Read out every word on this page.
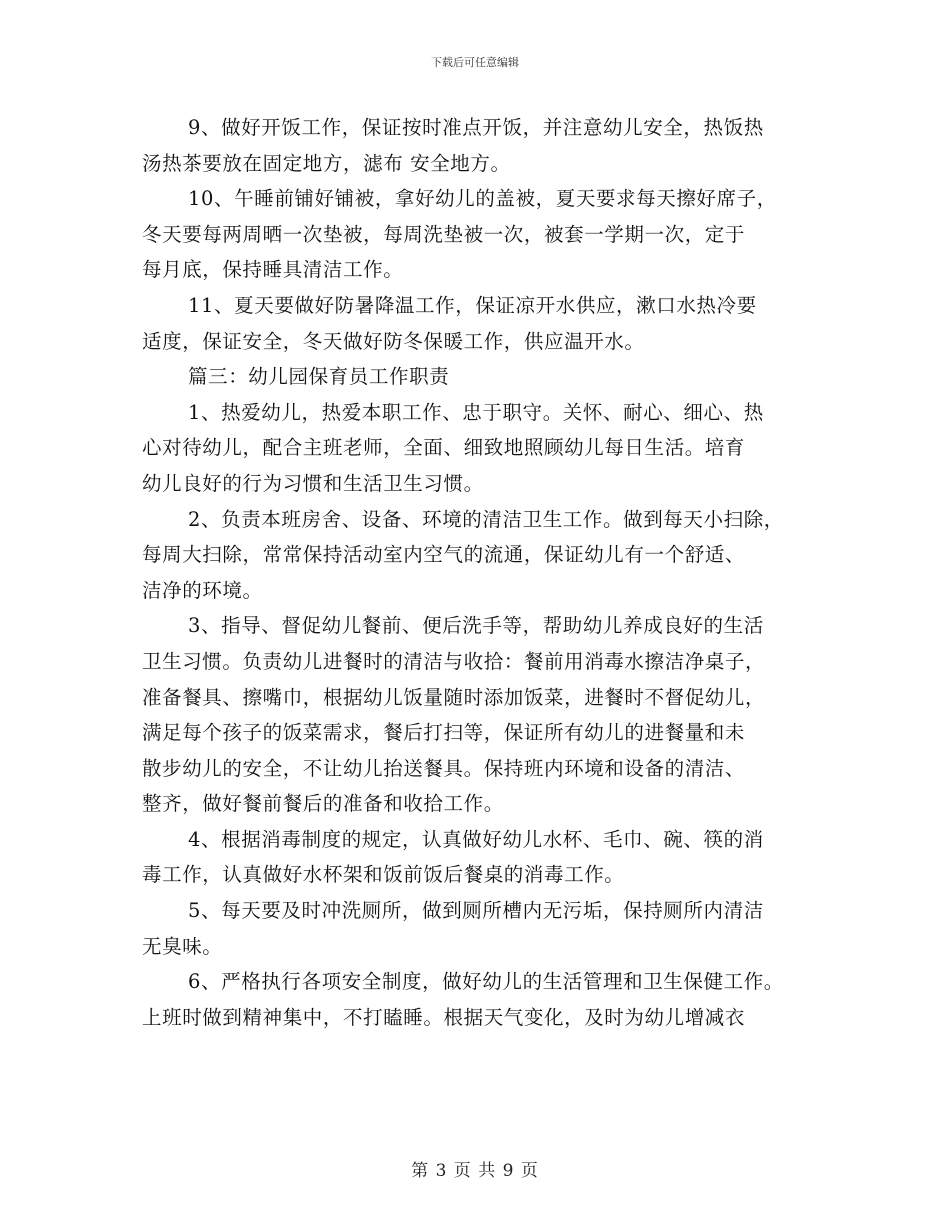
下载后可任意编辑
9、做好开饭工作，保证按时准点开饭，并注意幼儿安全，热饭热
汤热茶要放在固定地方，滤布 安全地方。
10、午睡前铺好铺被，拿好幼儿的盖被，夏天要求每天擦好席子，
冬天要每两周晒一次垫被，每周洗垫被一次，被套一学期一次，定于
每月底，保持睡具清洁工作。
11、夏天要做好防暑降温工作，保证凉开水供应，漱口水热冷要
适度，保证安全，冬天做好防冬保暖工作，供应温开水。
篇三：幼儿园保育员工作职责
1、热爱幼儿，热爱本职工作、忠于职守。关怀、耐心、细心、热
心对待幼儿，配合主班老师，全面、细致地照顾幼儿每日生活。培育
幼儿良好的行为习惯和生活卫生习惯。
2、负责本班房舍、设备、环境的清洁卫生工作。做到每天小扫除，
每周大扫除，常常保持活动室内空气的流通，保证幼儿有一个舒适、
洁净的环境。
3、指导、督促幼儿餐前、便后洗手等，帮助幼儿养成良好的生活
卫生习惯。负责幼儿进餐时的清洁与收拾：餐前用消毒水擦洁净桌子，
准备餐具、擦嘴巾，根据幼儿饭量随时添加饭菜，进餐时不督促幼儿，
满足每个孩子的饭菜需求，餐后打扫等，保证所有幼儿的进餐量和未
散步幼儿的安全，不让幼儿抬送餐具。保持班内环境和设备的清洁、
整齐，做好餐前餐后的准备和收拾工作。
4、根据消毒制度的规定，认真做好幼儿水杯、毛巾、碗、筷的消
毒工作，认真做好水杯架和饭前饭后餐桌的消毒工作。
5、每天要及时冲洗厕所，做到厕所槽内无污垢，保持厕所内清洁
无臭味。
6、严格执行各项安全制度，做好幼儿的生活管理和卫生保健工作。
上班时做到精神集中，不打瞌睡。根据天气变化，及时为幼儿增减衣
第 3 页 共 9 页
